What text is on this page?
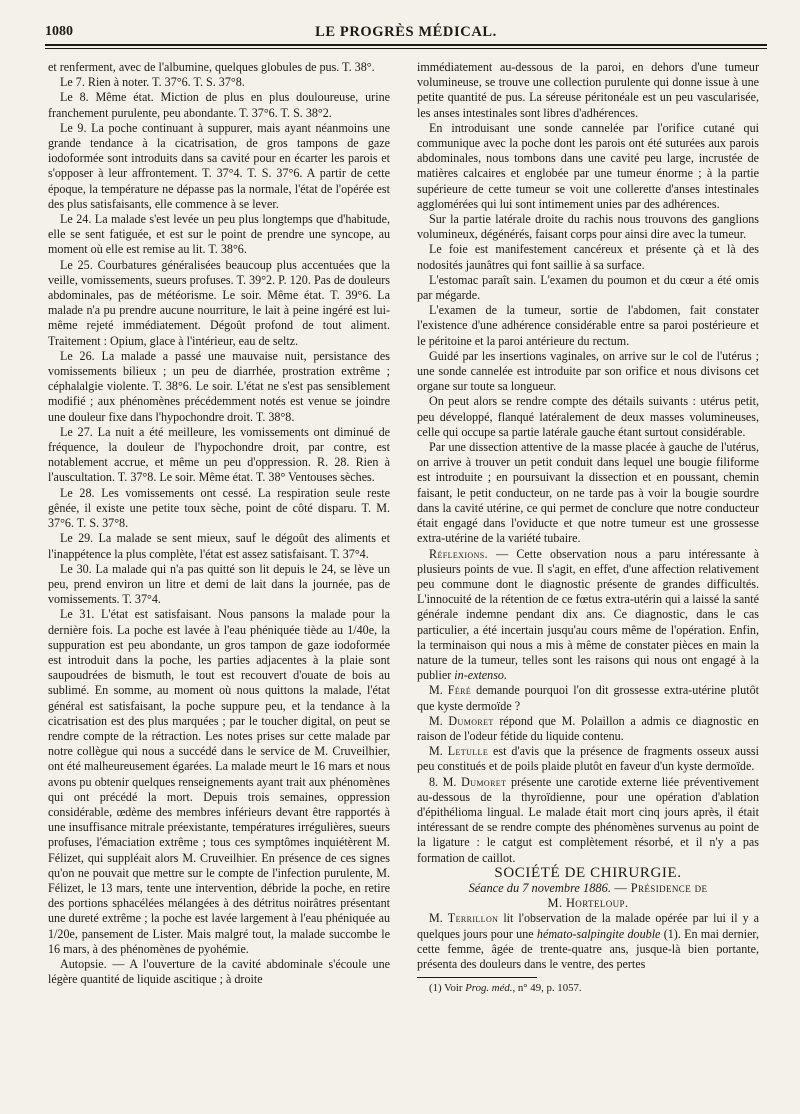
1080	LE PROGRÈS MÉDICAL.

et renferment, avec de l'albumine, quelques globules de pus. T. 38°.

Le 7. Rien à noter. T. 37°6. T. S. 37°8.

Le 8. Même état. Miction de plus en plus douloureuse, urine franchement purulente, peu abondante. T. 37°6. T. S. 38°2.

Le 9. La poche continuant à suppurer, mais ayant néanmoins une grande tendance à la cicatrisation, de gros tampons de gaze iodoformée sont introduits dans sa cavité pour en écarter les parois et s'opposer à leur affrontement. T. 37°4. T. S. 37°6. A partir de cette époque, la température ne dépasse pas la normale, l'état de l'opérée est des plus satisfaisants, elle commence à se lever.

Le 24. La malade s'est levée un peu plus longtemps que d'habitude, elle se sent fatiguée, et est sur le point de prendre une syncope, au moment où elle est remise au lit. T. 38°6.

Le 25. Courbatures généralisées beaucoup plus accentuées que la veille, vomissements, sueurs profuses. T. 39°2. P. 120. Pas de douleurs abdominales, pas de météorisme. Le soir. Même état. T. 39°6. La malade n'a pu prendre aucune nourriture, le lait à peine ingéré est lui-même rejeté immédiatement. Dégoût profond de tout aliment. Traitement : Opium, glace à l'intérieur, eau de seltz.

Le 26. La malade a passé une mauvaise nuit, persistance des vomissements bilieux ; un peu de diarrhée, prostration extrême ; céphalalgie violente. T. 38°6. Le soir. L'état ne s'est pas sensiblement modifié ; aux phénomènes précédemment notés est venue se joindre une douleur fixe dans l'hypochondre droit. T. 38°8.

Le 27. La nuit a été meilleure, les vomissements ont diminué de fréquence, la douleur de l'hypochondre droit, par contre, est notablement accrue, et même un peu d'oppression. R. 28. Rien à l'auscultation. T. 37°8. Le soir. Même état. T. 38° Ventouses sèches.

Le 28. Les vomissements ont cessé. La respiration seule reste gênée, il existe une petite toux sèche, point de côté disparu. T. M. 37°6. T. S. 37°8.

Le 29. La malade se sent mieux, sauf le dégoût des aliments et l'inappétence la plus complète, l'état est assez satisfaisant. T. 37°4.

Le 30. La malade qui n'a pas quitté son lit depuis le 24, se lève un peu, prend environ un litre et demi de lait dans la journée, pas de vomissements. T. 37°4.

Le 31. L'état est satisfaisant. Nous pansons la malade pour la dernière fois. La poche est lavée à l'eau phéniquée tiède au 1/40e, la suppuration est peu abondante, un gros tampon de gaze iodoformée est introduit dans la poche, les parties adjacentes à la plaie sont saupoudrées de bismuth, le tout est recouvert d'ouate de bois au sublimé. En somme, au moment où nous quittons la malade, l'état général est satisfaisant, la poche suppure peu, et la tendance à la cicatrisation est des plus marquées ; par le toucher digital, on peut se rendre compte de la rétraction. Les notes prises sur cette malade par notre collègue qui nous a succédé dans le service de M. Cruveilhier, ont été malheureusement égarées. La malade meurt le 16 mars et nous avons pu obtenir quelques renseignements ayant trait aux phénomènes qui ont précédé la mort. Depuis trois semaines, oppression considérable, œdème des membres inférieurs devant être rapportés à une insuffisance mitrale préexistante, températures irrégulières, sueurs profuses, l'émaciation extrême ; tous ces symptômes inquiétèrent M. Félizet, qui suppléait alors M. Cruveilhier. En présence de ces signes qu'on ne pouvait que mettre sur le compte de l'infection purulente, M. Félizet, le 13 mars, tente une intervention, débride la poche, en retire des portions sphacélées mélangées à des détritus noirâtres présentant une dureté extrême ; la poche est lavée largement à l'eau phéniquée au 1/20e, pansement de Lister. Mais malgré tout, la malade succombe le 16 mars, à des phénomènes de pyohémie.

Autopsie. — A l'ouverture de la cavité abdominale s'écoule une légère quantité de liquide ascitique ; à droite

immédiatement au-dessous de la paroi, en dehors d'une tumeur volumineuse, se trouve une collection purulente qui donne issue à une petite quantité de pus. La séreuse péritonéale est un peu vascularisée, les anses intestinales sont libres d'adhérences.

En introduisant une sonde cannelée par l'orifice cutané qui communique avec la poche dont les parois ont été suturées aux parois abdominales, nous tombons dans une cavité peu large, incrustée de matières calcaires et englobée par une tumeur énorme ; à la partie supérieure de cette tumeur se voit une collerette d'anses intestinales agglomérées qui lui sont intimement unies par des adhérences.

Sur la partie latérale droite du rachis nous trouvons des ganglions volumineux, dégénérés, faisant corps pour ainsi dire avec la tumeur.

Le foie est manifestement cancéreux et présente çà et là des nodosités jaunâtres qui font saillie à sa surface.

L'estomac paraît sain. L'examen du poumon et du cœur a été omis par mégarde.

L'examen de la tumeur, sortie de l'abdomen, fait constater l'existence d'une adhérence considérable entre sa paroi postérieure et le péritoine et la paroi antérieure du rectum.

Guidé par les insertions vaginales, on arrive sur le col de l'utérus ; une sonde cannelée est introduite par son orifice et nous divisons cet organe sur toute sa longueur.

On peut alors se rendre compte des détails suivants : utérus petit, peu développé, flanqué latéralement de deux masses volumineuses, celle qui occupe sa partie latérale gauche étant surtout considérable.

Par une dissection attentive de la masse placée à gauche de l'utérus, on arrive à trouver un petit conduit dans lequel une bougie filiforme est introduite ; en poursuivant la dissection et en poussant, chemin faisant, le petit conducteur, on ne tarde pas à voir la bougie sourdre dans la cavité utérine, ce qui permet de conclure que notre conducteur était engagé dans l'oviducte et que notre tumeur est une grossesse extra-utérine de la variété tubaire.

Réflexions. — Cette observation nous a paru intéressante à plusieurs points de vue. Il s'agit, en effet, d'une affection relativement peu commune dont le diagnostic présente de grandes difficultés. L'innocuité de la rétention de ce fœtus extra-utérin qui a laissé la santé générale indemne pendant dix ans. Ce diagnostic, dans le cas particulier, a été incertain jusqu'au cours même de l'opération. Enfin, la terminaison qui nous a mis à même de constater pièces en main la nature de la tumeur, telles sont les raisons qui nous ont engagé à la publier in-extenso.

M. Féré demande pourquoi l'on dit grossesse extra-utérine plutôt que kyste dermoïde ?

M. Dumoret répond que M. Polaillon a admis ce diagnostic en raison de l'odeur fétide du liquide contenu.

M. Letulle est d'avis que la présence de fragments osseux aussi peu constitués et de poils plaide plutôt en faveur d'un kyste dermoïde.

8. M. Dumoret présente une carotide externe liée préventivement au-dessous de la thyroïdienne, pour une opération d'ablation d'épithélioma lingual. Le malade était mort cinq jours après, il était intéressant de se rendre compte des phénomènes survenus au point de la ligature : le catgut est complètement résorbé, et il n'y a pas formation de caillot.

SOCIÉTÉ DE CHIRURGIE.

Séance du 7 novembre 1886. — Présidence de

M. Horteloup.

M. Terrillon lit l'observation de la malade opérée par lui il y a quelques jours pour une hémato-salpingite double (1). En mai dernier, cette femme, âgée de trente-quatre ans, jusque-là bien portante, présenta des douleurs dans le ventre, des pertes

(1) Voir Prog. méd., n° 49, p. 1057.
